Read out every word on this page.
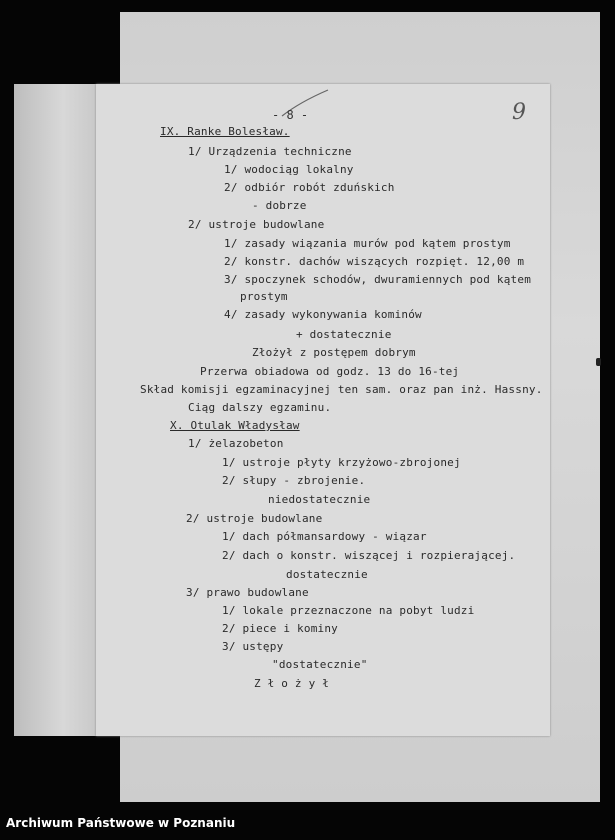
- 8 -	9
IX. Ranke Bolesław.
1/ Urządzenia techniczne
1/ wodociąg lokalny
2/ odbiór robót zduńskich
- dobrze
2/ ustroje budowlane
1/ zasady wiązania murów pod kątem prostym
2/ konstr. dachów wiszących rozpięt. 12,00 m
3/ spoczynek schodów, dwuramiennych pod kątem
prostym
4/ zasady wykonywania kominów
+ dostatecznie
Złożył z postępem dobrym
Przerwa obiadowa od godz. 13 do 16-tej
Skład komisji egzaminacyjnej ten sam. oraz pan inż. Hassny.
Ciąg dalszy egzaminu.
X. Otulak Władysław
1/ żelazobeton
1/ ustroje płyty krzyżowo-zbrojonej
2/ słupy - zbrojenie.
niedostatecznie
2/ ustroje budowlane
1/ dach półmansardowy - wiązar
2/ dach o konstr. wiszącej i rozpierającej.
dostatecznie
3/ prawo budowlane
1/ lokale przeznaczone na pobyt ludzi
2/ piece i kominy
3/ ustępy
"dostatecznie"
Z ł o ż y ł
Archiwum Państwowe w Poznaniu
